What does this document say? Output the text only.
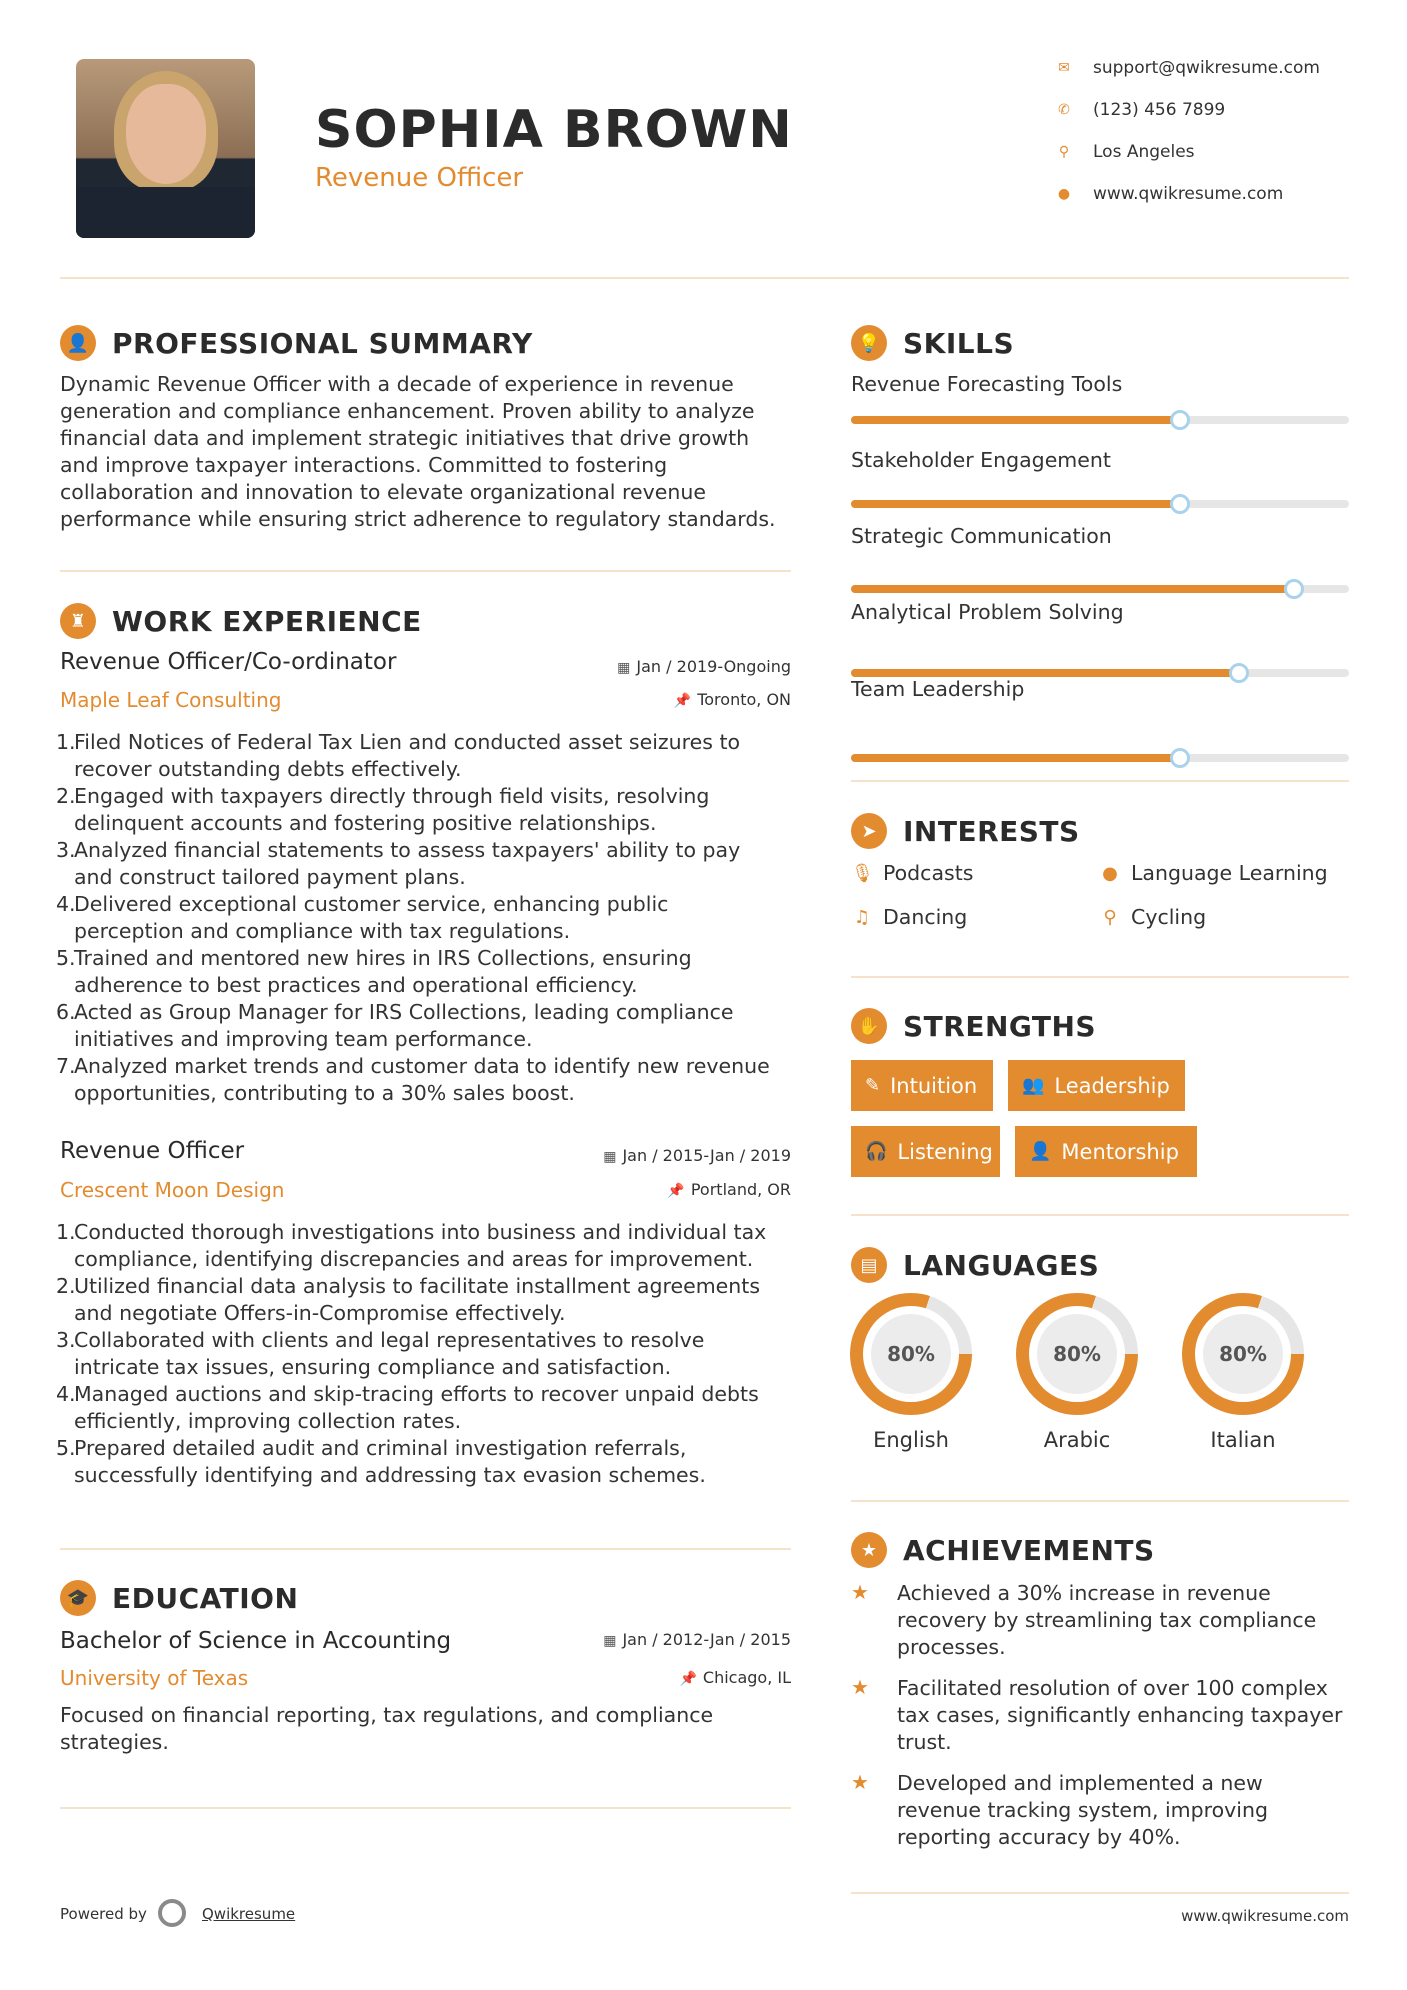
SOPHIA BROWN
Revenue Officer
✉ support@qwikresume.com
✆ (123) 456 7899
⚲ Los Angeles
● www.qwikresume.com
👤 PROFESSIONAL SUMMARY
Dynamic Revenue Officer with a decade of experience in revenue
generation and compliance enhancement. Proven ability to analyze
financial data and implement strategic initiatives that drive growth
and improve taxpayer interactions. Committed to fostering
collaboration and innovation to elevate organizational revenue
performance while ensuring strict adherence to regulatory standards.
♜ WORK EXPERIENCE
Revenue Officer/Co-ordinator	▦ Jan / 2019-Ongoing
Maple Leaf Consulting	📌 Toronto, ON
1.
Filed Notices of Federal Tax Lien and conducted asset seizures to
recover outstanding debts effectively.
2.
Engaged with taxpayers directly through field visits, resolving
delinquent accounts and fostering positive relationships.
3.
Analyzed financial statements to assess taxpayers' ability to pay
and construct tailored payment plans.
4.
Delivered exceptional customer service, enhancing public
perception and compliance with tax regulations.
5.
Trained and mentored new hires in IRS Collections, ensuring
adherence to best practices and operational efficiency.
6.
Acted as Group Manager for IRS Collections, leading compliance
initiatives and improving team performance.
7.
Analyzed market trends and customer data to identify new revenue
opportunities, contributing to a 30% sales boost.
Revenue Officer	▦ Jan / 2015-Jan / 2019
Crescent Moon Design	📌 Portland, OR
1.
Conducted thorough investigations into business and individual tax
compliance, identifying discrepancies and areas for improvement.
2.
Utilized financial data analysis to facilitate installment agreements
and negotiate Offers-in-Compromise effectively.
3.
Collaborated with clients and legal representatives to resolve
intricate tax issues, ensuring compliance and satisfaction.
4.
Managed auctions and skip-tracing efforts to recover unpaid debts
efficiently, improving collection rates.
5.
Prepared detailed audit and criminal investigation referrals,
successfully identifying and addressing tax evasion schemes.
🎓 EDUCATION
Bachelor of Science in Accounting	▦ Jan / 2012-Jan / 2015
University of Texas	📌 Chicago, IL
Focused on financial reporting, tax regulations, and compliance
strategies.
💡 SKILLS
Revenue Forecasting Tools
Stakeholder Engagement
Strategic Communication
Analytical Problem Solving
Team Leadership
➤ INTERESTS
🎙 Podcasts	● Language Learning
♫ Dancing	⚲ Cycling
✋ STRENGTHS
✎ Intuition 👥 Leadership
🎧 Listening 👤 Mentorship
▤ LANGUAGES
80%
English
80%
Arabic
80%
Italian
★ ACHIEVEMENTS
★	Achieved a 30% increase in revenue
recovery by streamlining tax compliance
processes.
★	Facilitated resolution of over 100 complex
tax cases, significantly enhancing taxpayer
trust.
★	Developed and implemented a new
revenue tracking system, improving
reporting accuracy by 40%.
Powered by	Qwikresume	www.qwikresume.com
